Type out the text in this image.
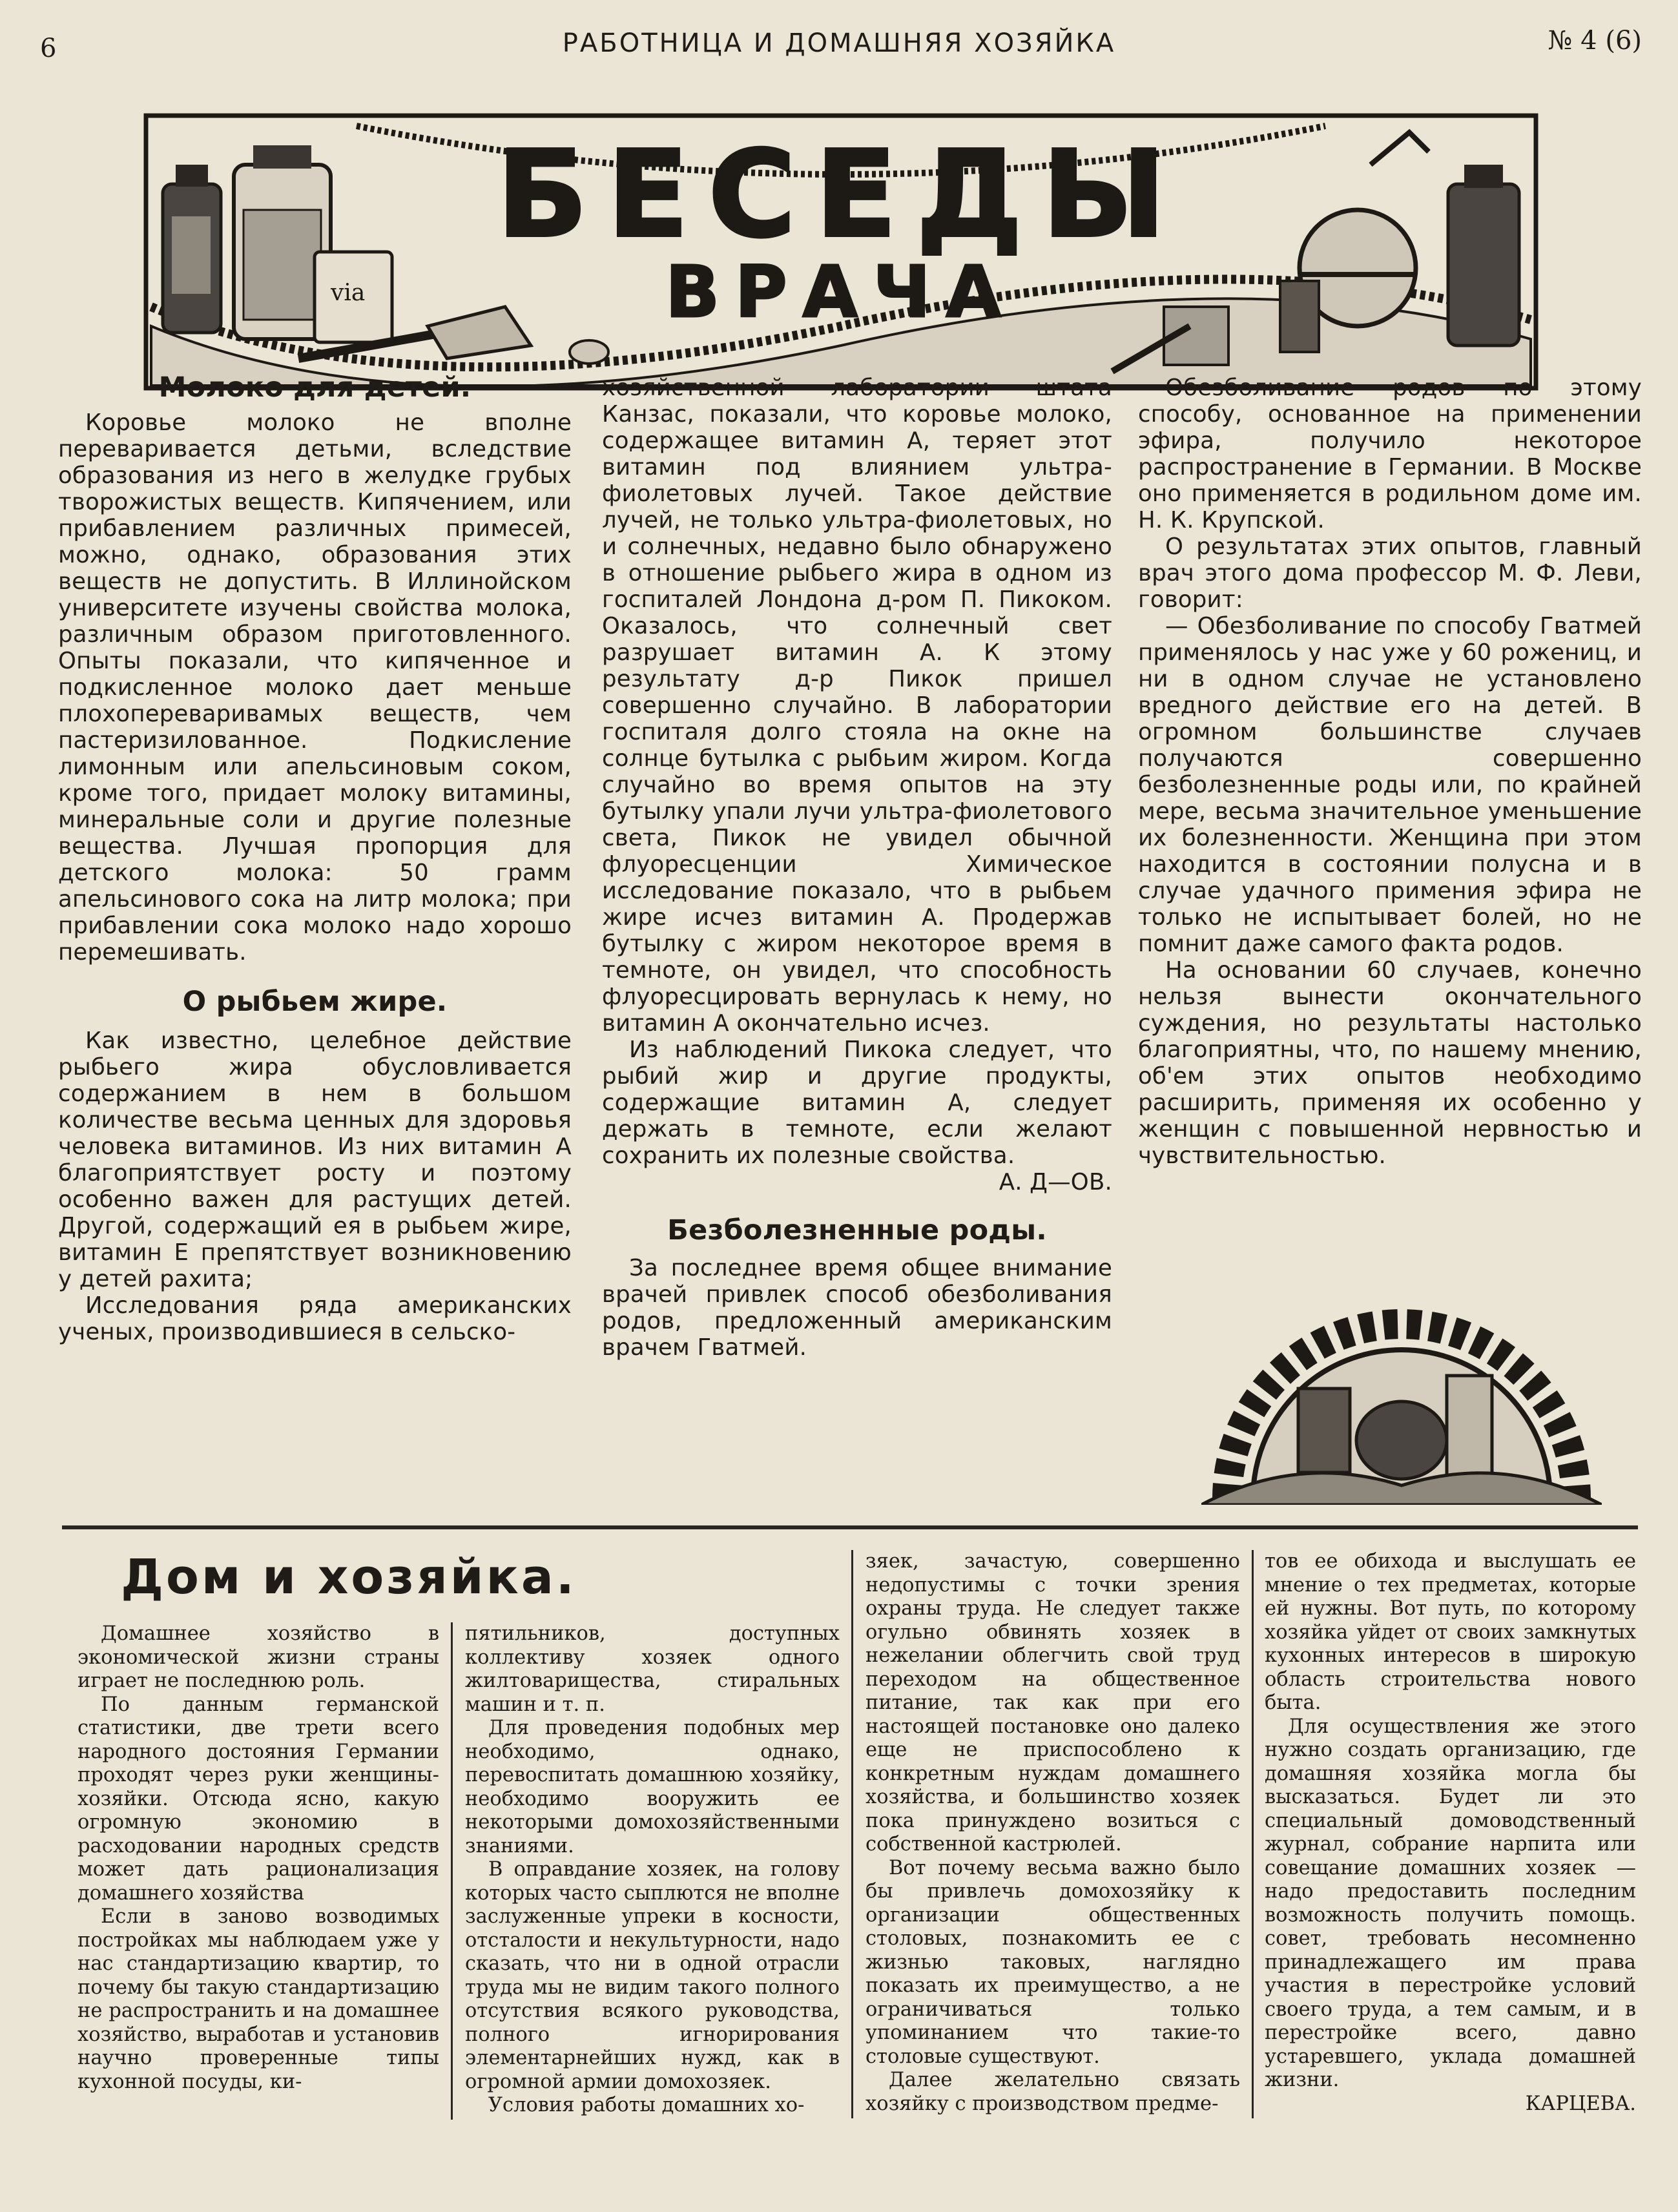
6	РАБОТНИЦА И ДОМАШНЯЯ ХОЗЯЙКА	№ 4 (6)
via
БЕСЕДЫ
ВРАЧА
Молоко для детей.

Коровье молоко не вполне переваривается детьми, вследствие образования из него в желудке грубых творожистых веществ. Кипячением, или прибавлением различных примесей, можно, однако, образования этих веществ не допустить. В Иллинойском университете изучены свойства молока, различным образом приготовленного. Опыты показали, что кипяченное и подкисленное молоко дает меньше плохопереваривамых веществ, чем пастеризилованное. Подкисление лимонным или апельсиновым соком, кроме того, придает молоку витамины, минеральные соли и другие полезные вещества. Лучшая пропорция для детского молока: 50 грамм апельсинового сока на литр молока; при прибавлении сока молоко надо хорошо перемешивать.

О рыбьем жире.

Как известно, целебное действие рыбьего жира обусловливается содержанием в нем в большом количестве весьма ценных для здоровья человека витаминов. Из них витамин А благоприятствует росту и поэтому особенно важен для растущих детей. Другой, содержащий ея в рыбьем жире, витамин Е препятствует возникновению у детей рахита;

Исследования ряда американских ученых, производившиеся в сельско-

хозяйственной лаборатории штата Канзас, показали, что коровье молоко, содержащее витамин А, теряет этот витамин под влиянием ультра-фиолетовых лучей. Такое действие лучей, не только ультра-фиолетовых, но и солнечных, недавно было обнаружено в отношение рыбьего жира в одном из госпиталей Лондона д-ром П. Пикоком. Оказалось, что солнечный свет разрушает витамин А. К этому результату д-р Пикок пришел совершенно случайно. В лаборатории госпиталя долго стояла на окне на солнце бутылка с рыбьим жиром. Когда случайно во время опытов на эту бутылку упали лучи ультра-фиолетового света, Пикок не увидел обычной флуоресценции Химическое исследование показало, что в рыбьем жире исчез витамин А. Продержав бутылку с жиром некоторое время в темноте, он увидел, что способность флуоресцировать вернулась к нему, но витамин А окончательно исчез.

Из наблюдений Пикока следует, что рыбий жир и другие продукты, содержащие витамин А, следует держать в темноте, если желают сохранить их полезные свойства.

А. Д—ОВ.

Безболезненные роды.

За последнее время общее внимание врачей привлек способ обезболивания родов, предложенный американским врачем Гватмей.

Обезболивание родов по этому способу, основанное на применении эфира, получило некоторое распространение в Германии. В Москве оно применяется в родильном доме им. Н. К. Крупской.

О результатах этих опытов, главный врач этого дома профессор М. Ф. Леви, говорит:

— Обезболивание по способу Гватмей применялось у нас уже у 60 рожениц, и ни в одном случае не установлено вредного действие его на детей. В огромном большинстве случаев получаются совершенно безболезненные роды или, по крайней мере, весьма значительное уменьшение их болезненности. Женщина при этом находится в состоянии полусна и в случае удачного примения эфира не только не испытывает болей, но не помнит даже самого факта родов.

На основании 60 случаев, конечно нельзя вынести окончательного суждения, но результаты настолько благоприятны, что, по нашему мнению, об'ем этих опытов необходимо расширить, применяя их особенно у женщин с повышенной нервностью и чувствительностью.

Дом и хозяйка.

Домашнее хозяйство в экономической жизни страны играет не последнюю роль.

По данным германской статистики, две трети всего народного достояния Германии проходят через руки женщины-хозяйки. Отсюда ясно, какую огромную экономию в расходовании народных средств может дать рационализация домашнего хозяйства

Если в заново возводимых постройках мы наблюдаем уже у нас стандартизацию квартир, то почему бы такую стандартизацию не распространить и на домашнее хозяйство, выработав и установив научно проверенные типы кухонной посуды, ки-

пятильников, доступных коллективу хозяек одного жилтоварищества, стиральных машин и т. п.

Для проведения подобных мер необходимо, однако, перевоспитать домашнюю хозяйку, необходимо вооружить ее некоторыми домохозяйственными знаниями.

В оправдание хозяек, на голову которых часто сыплются не вполне заслуженные упреки в косности, отсталости и некультурности, надо сказать, что ни в одной отрасли труда мы не видим такого полного отсутствия всякого руководства, полного игнорирования элементарнейших нужд, как в огромной армии домохозяек.

Условия работы домашних хо-

зяек, зачастую, совершенно недопустимы с точки зрения охраны труда. Не следует также огульно обвинять хозяек в нежелании облегчить свой труд переходом на общественное питание, так как при его настоящей постановке оно далеко еще не приспособлено к конкретным нуждам домашнего хозяйства, и большинство хозяек пока принуждено возиться с собственной кастрюлей.

Вот почему весьма важно было бы привлечь домохозяйку к организации общественных столовых, познакомить ее с жизнью таковых, наглядно показать их преимущество, а не ограничиваться только упоминанием что такие-то столовые существуют.

Далее желательно связать хозяйку с производством предме-

тов ее обихода и выслушать ее мнение о тех предметах, которые ей нужны. Вот путь, по которому хозяйка уйдет от своих замкнутых кухонных интересов в широкую область строительства нового быта.

Для осуществления же этого нужно создать организацию, где домашняя хозяйка могла бы высказаться. Будет ли это специальный домоводственный журнал, собрание нарпита или совещание домашних хозяек — надо предоставить последним возможность получить помощь. совет, требовать несомненно принадлежащего им права участия в перестройке условий своего труда, а тем самым, и в перестройке всего, давно устаревшего, уклада домашней жизни.

КАРЦЕВА.
